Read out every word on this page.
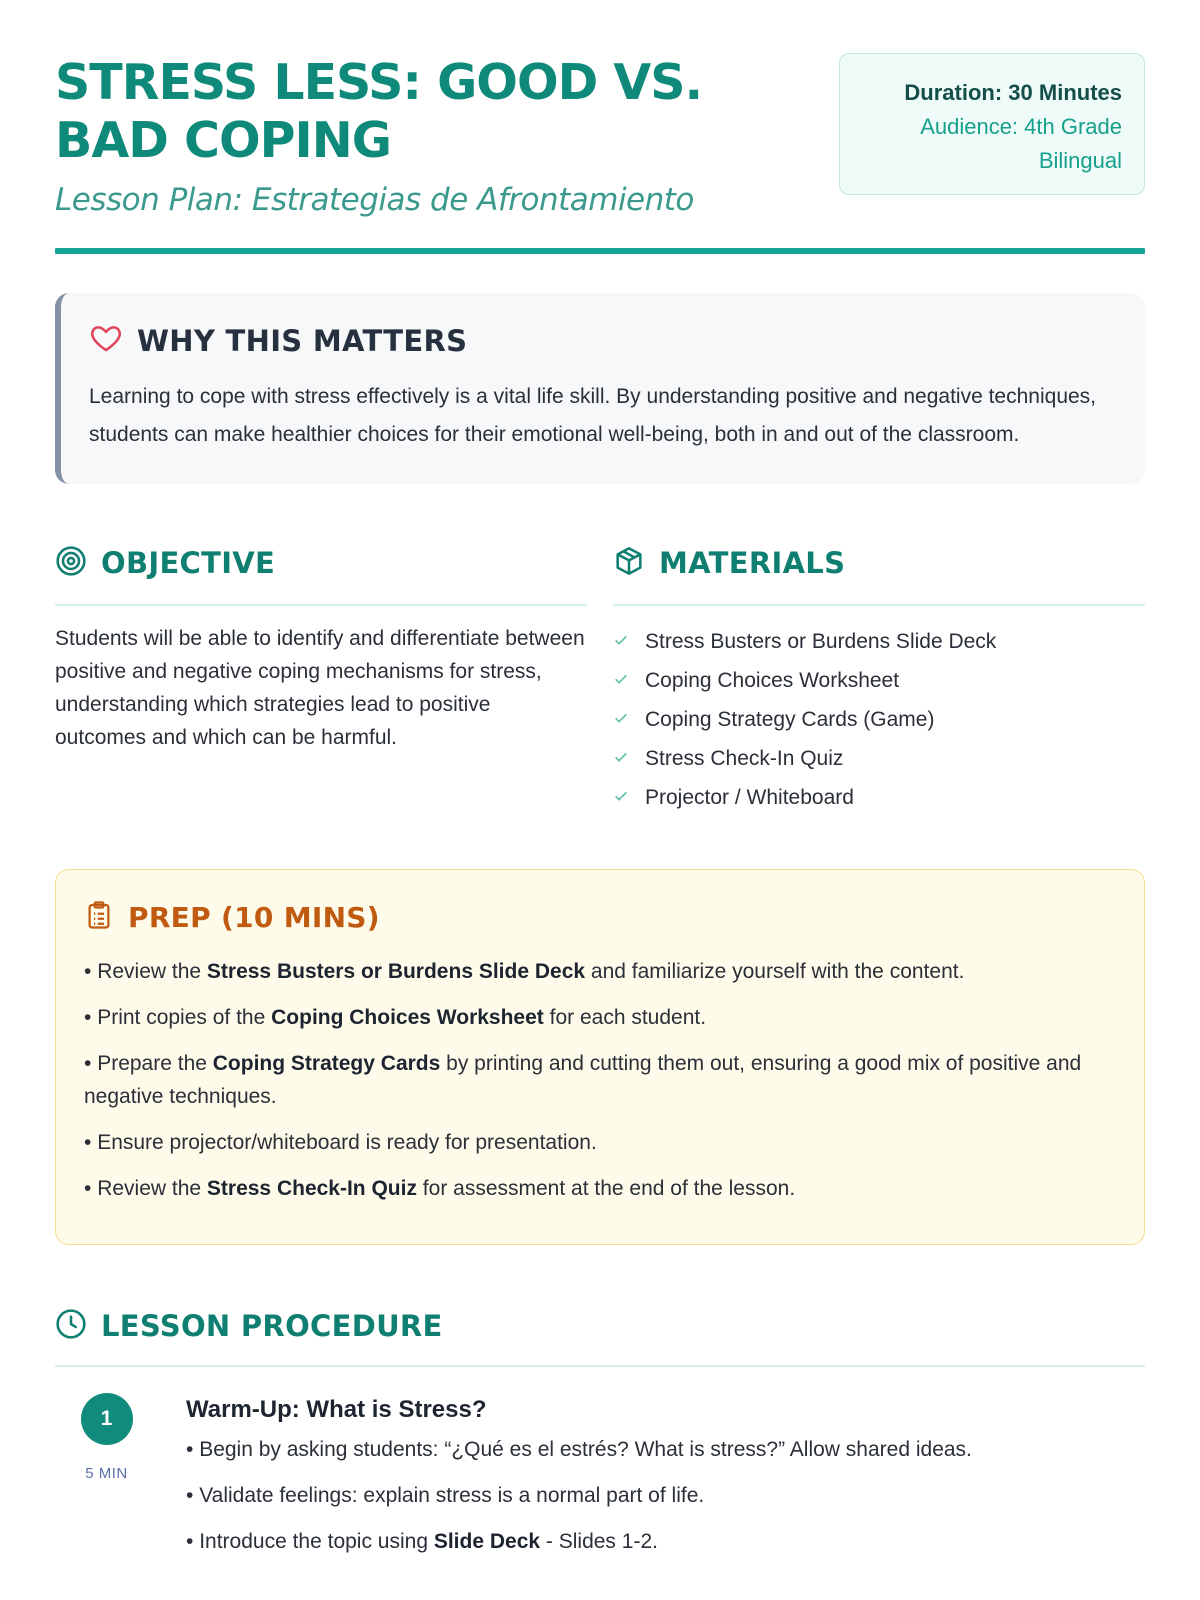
STRESS LESS: GOOD VS. BAD COPING
Lesson Plan: Estrategias de Afrontamiento
Duration: 30 Minutes
Audience: 4th Grade Bilingual
WHY THIS MATTERS

Learning to cope with stress effectively is a vital life skill. By understanding positive and negative techniques, students can make healthier choices for their emotional well-being, both in and out of the classroom.

OBJECTIVE

Students will be able to identify and differentiate between positive and negative coping mechanisms for stress, understanding which strategies lead to positive outcomes and which can be harmful.

MATERIALS
Stress Busters or Burdens Slide Deck
Coping Choices Worksheet
Coping Strategy Cards (Game)
Stress Check-In Quiz
Projector / Whiteboard
PREP (10 MINS)
• Review the Stress Busters or Burdens Slide Deck and familiarize yourself with the content.
• Print copies of the Coping Choices Worksheet for each student.
• Prepare the Coping Strategy Cards by printing and cutting them out, ensuring a good mix of positive and negative techniques.
• Ensure projector/whiteboard is ready for presentation.
• Review the Stress Check-In Quiz for assessment at the end of the lesson.
LESSON PROCEDURE
1
5 MIN
Warm-Up: What is Stress?
• Begin by asking students: “¿Qué es el estrés? What is stress?” Allow shared ideas.
• Validate feelings: explain stress is a normal part of life.
• Introduce the topic using Slide Deck - Slides 1-2.
